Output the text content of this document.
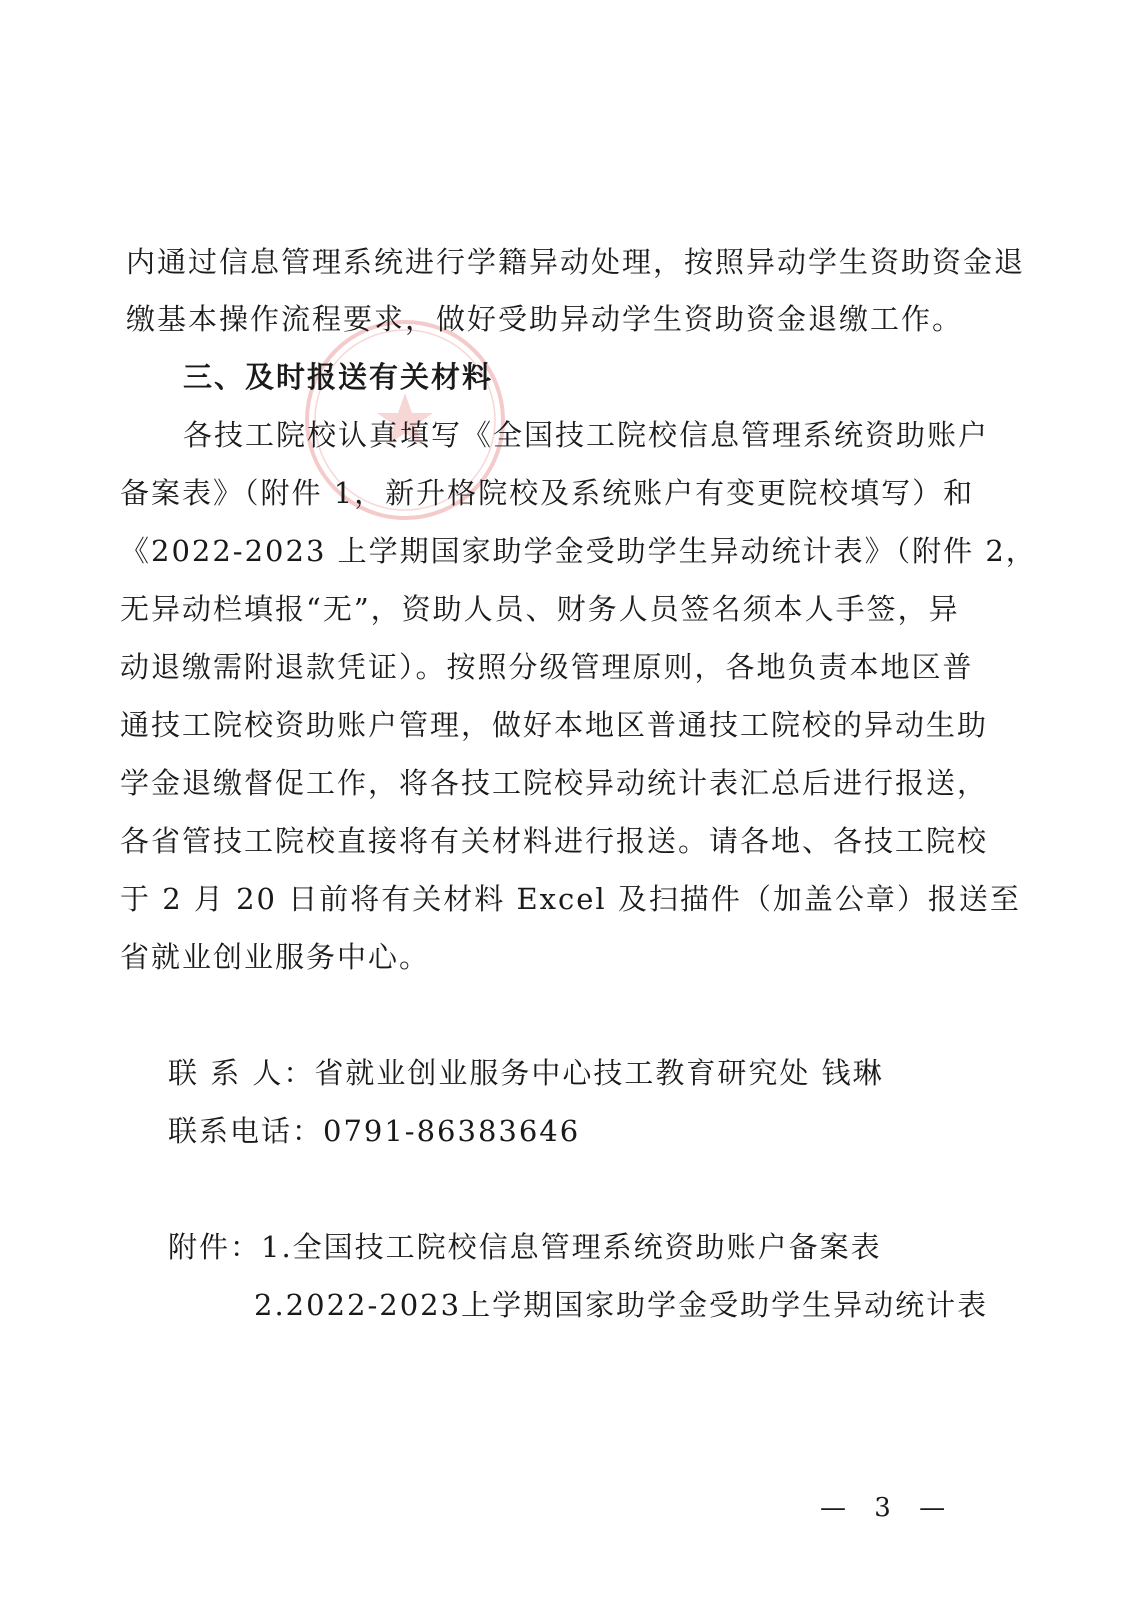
内通过信息管理系统进行学籍异动处理，按照异动学生资助资金退
缴基本操作流程要求，做好受助异动学生资助资金退缴工作。
三、及时报送有关材料
各技工院校认真填写《全国技工院校信息管理系统资助账户
备案表》（附件 1，新升格院校及系统账户有变更院校填写）和
《2022-2023 上学期国家助学金受助学生异动统计表》（附件 2，
无异动栏填报“无”，资助人员、财务人员签名须本人手签，异
动退缴需附退款凭证）。按照分级管理原则，各地负责本地区普
通技工院校资助账户管理，做好本地区普通技工院校的异动生助
学金退缴督促工作，将各技工院校异动统计表汇总后进行报送，
各省管技工院校直接将有关材料进行报送。请各地、各技工院校
于 2 月 20 日前将有关材料 Excel 及扫描件（加盖公章）报送至
省就业创业服务中心。
联 系 人：省就业创业服务中心技工教育研究处 钱琳
联系电话：0791-86383646
附件：1.全国技工院校信息管理系统资助账户备案表
2.2022-2023上学期国家助学金受助学生异动统计表
— 3 —
